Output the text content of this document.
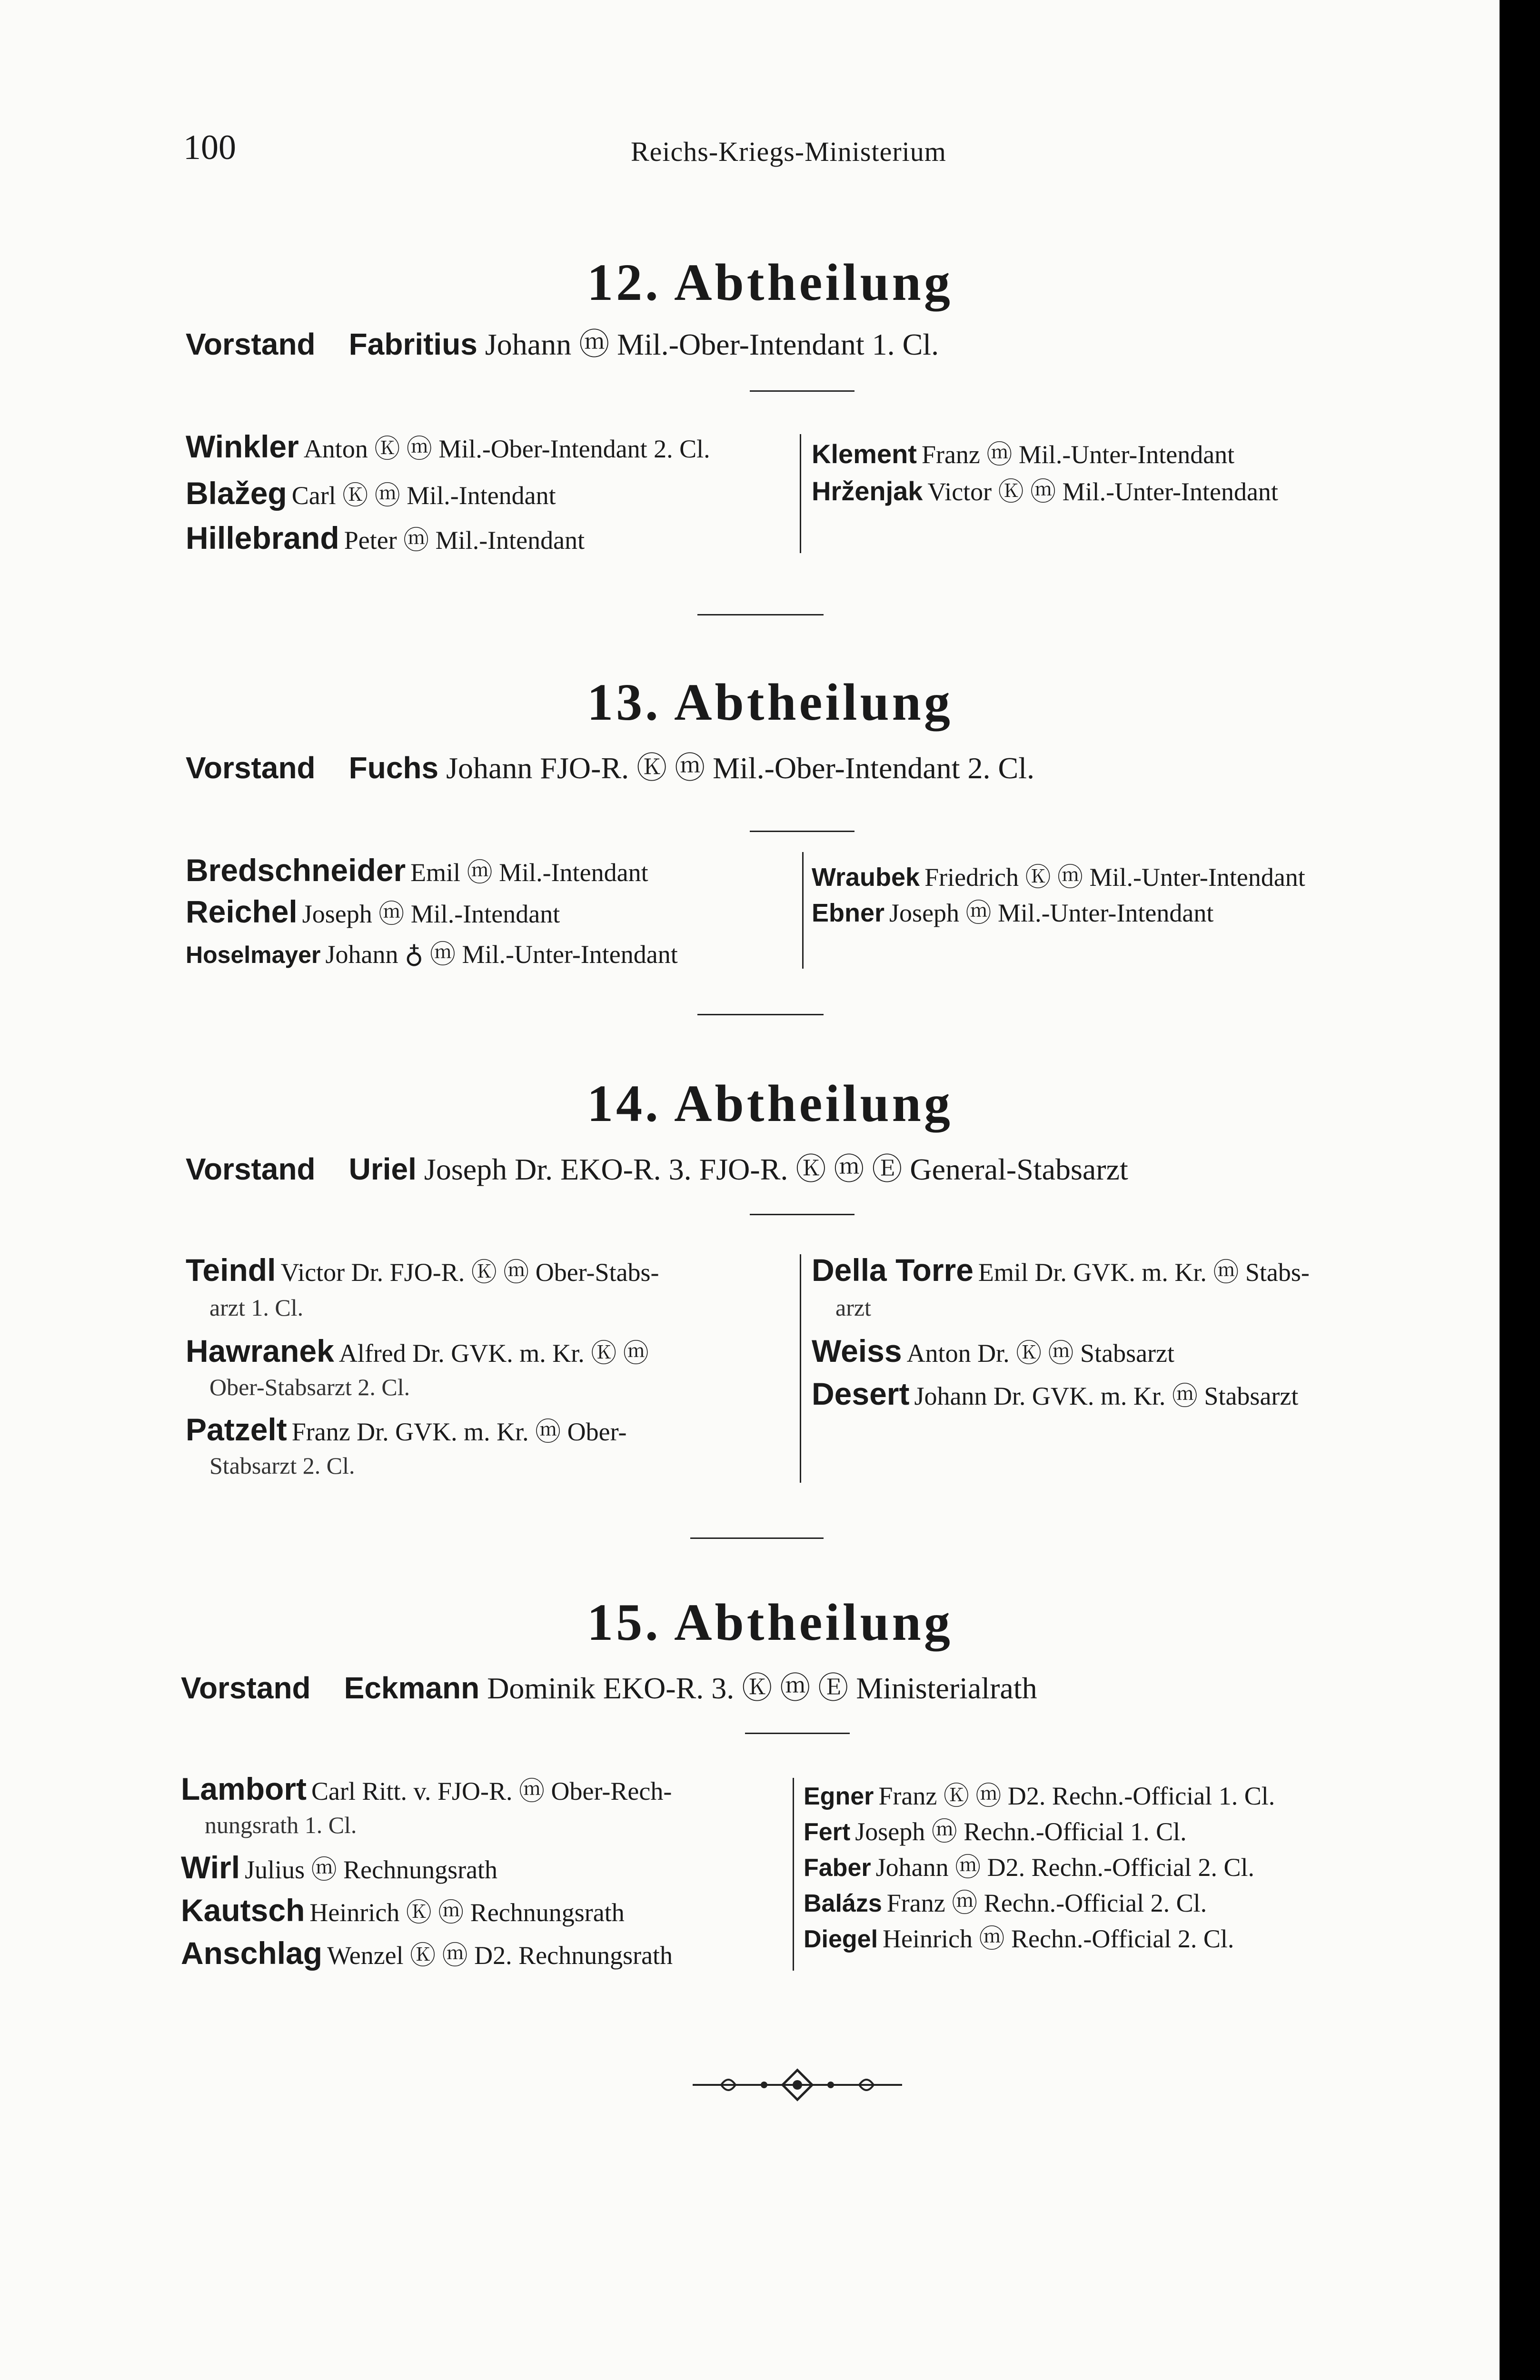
100	Reichs-Kriegs-Ministerium
12. Abtheilung
Vorstand Fabritius Johann ⓜ Mil.-Ober-Intendant 1. Cl.
Winkler Anton Ⓚ ⓜ Mil.-Ober-Intendant 2. Cl.
Blažeg Carl Ⓚ ⓜ Mil.-Intendant
Hillebrand Peter ⓜ Mil.-Intendant
Klement Franz ⓜ Mil.-Unter-Intendant
Hrženjak Victor Ⓚ ⓜ Mil.-Unter-Intendant
13. Abtheilung
Vorstand Fuchs Johann FJO-R. Ⓚ ⓜ Mil.-Ober-Intendant 2. Cl.
Bredschneider Emil ⓜ Mil.-Intendant
Reichel Joseph ⓜ Mil.-Intendant
Hoselmayer Johann ♁ ⓜ Mil.-Unter-Intendant
Wraubek Friedrich Ⓚ ⓜ Mil.-Unter-Intendant
Ebner Joseph ⓜ Mil.-Unter-Intendant
14. Abtheilung
Vorstand Uriel Joseph Dr. EKO-R. 3. FJO-R. Ⓚ ⓜ Ⓔ General-Stabsarzt
Teindl Victor Dr. FJO-R. Ⓚ ⓜ Ober-Stabs-
arzt 1. Cl.
Hawranek Alfred Dr. GVK. m. Kr. Ⓚ ⓜ
Ober-Stabsarzt 2. Cl.
Patzelt Franz Dr. GVK. m. Kr. ⓜ Ober-
Stabsarzt 2. Cl.
Della Torre Emil Dr. GVK. m. Kr. ⓜ Stabs-
arzt
Weiss Anton Dr. Ⓚ ⓜ Stabsarzt
Desert Johann Dr. GVK. m. Kr. ⓜ Stabsarzt
15. Abtheilung
Vorstand Eckmann Dominik EKO-R. 3. Ⓚ ⓜ Ⓔ Ministerialrath
Lambort Carl Ritt. v. FJO-R. ⓜ Ober-Rech-
nungsrath 1. Cl.
Wirl Julius ⓜ Rechnungsrath
Kautsch Heinrich Ⓚ ⓜ Rechnungsrath
Anschlag Wenzel Ⓚ ⓜ D2. Rechnungsrath
Egner Franz Ⓚ ⓜ D2. Rechn.-Official 1. Cl.
Fert Joseph ⓜ Rechn.-Official 1. Cl.
Faber Johann ⓜ D2. Rechn.-Official 2. Cl.
Balázs Franz ⓜ Rechn.-Official 2. Cl.
Diegel Heinrich ⓜ Rechn.-Official 2. Cl.
